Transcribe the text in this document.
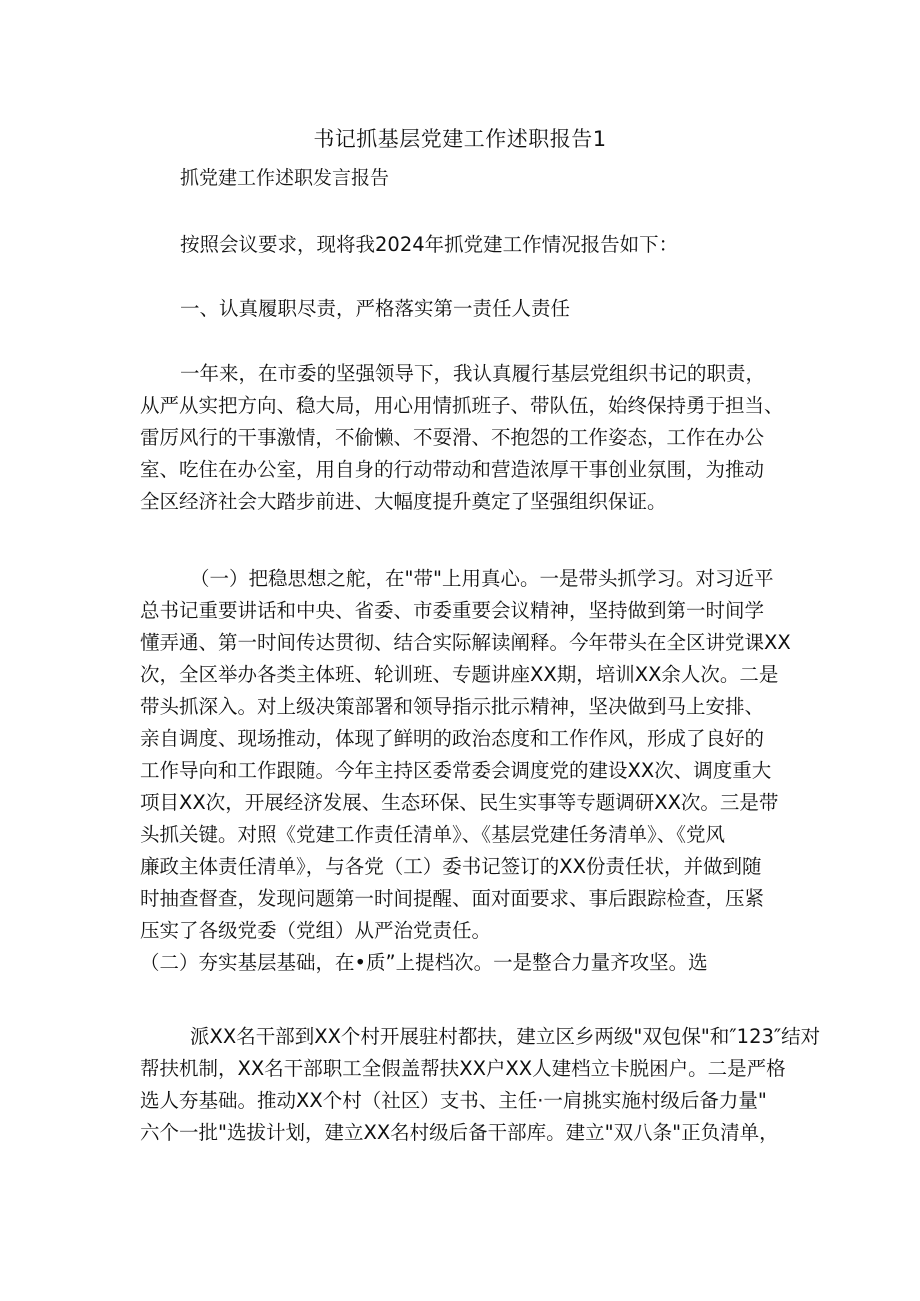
书记抓基层党建工作述职报告1
抓党建工作述职发言报告
按照会议要求，现将我2024年抓党建工作情况报告如下：
一、认真履职尽责，严格落实第一责任人责任
一年来，在市委的坚强领导下，我认真履行基层党组织书记的职责，
从严从实把方向、稳大局，用心用情抓班子、带队伍，始终保持勇于担当、
雷厉风行的干事激情，不偷懒、不耍滑、不抱怨的工作姿态，工作在办公
室、吃住在办公室，用自身的行动带动和营造浓厚干事创业氛围，为推动
全区经济社会大踏步前进、大幅度提升奠定了坚强组织保证。
（一）把稳思想之舵，在"带"上用真心。一是带头抓学习。对习近平
总书记重要讲话和中央、省委、市委重要会议精神，坚持做到第一时间学
懂弄通、第一时间传达贯彻、结合实际解读阐释。今年带头在全区讲党课XX
次，全区举办各类主体班、轮训班、专题讲座XX期，培训XX余人次。二是
带头抓深入。对上级决策部署和领导指示批示精神，坚决做到马上安排、
亲自调度、现场推动，体现了鲜明的政治态度和工作作风，形成了良好的
工作导向和工作跟随。今年主持区委常委会调度党的建设XX次、调度重大
项目XX次，开展经济发展、生态环保、民生实事等专题调研XX次。三是带
头抓关键。对照《党建工作责任清单》、《基层党建任务清单》、《党风
廉政主体责任清单》，与各党（工）委书记签订的XX份责任状，并做到随
时抽查督查，发现问题第一时间提醒、面对面要求、事后跟踪检查，压紧
压实了各级党委（党组）从严治党责任。
（二）夯实基层基础，在•质”上提档次。一是整合力量齐攻坚。选
派XX名干部到XX个村开展驻村都扶，建立区乡两级"双包保"和″123″结对
帮扶机制，XX名干部职工全假盖帮扶XX户XX人建档立卡脱困户。二是严格
选人夯基础。推动XX个村（社区）支书、主任·一肩挑实施村级后备力量"
六个一批"选拔计划，建立XX名村级后备干部库。建立"双八条"正负清单，
